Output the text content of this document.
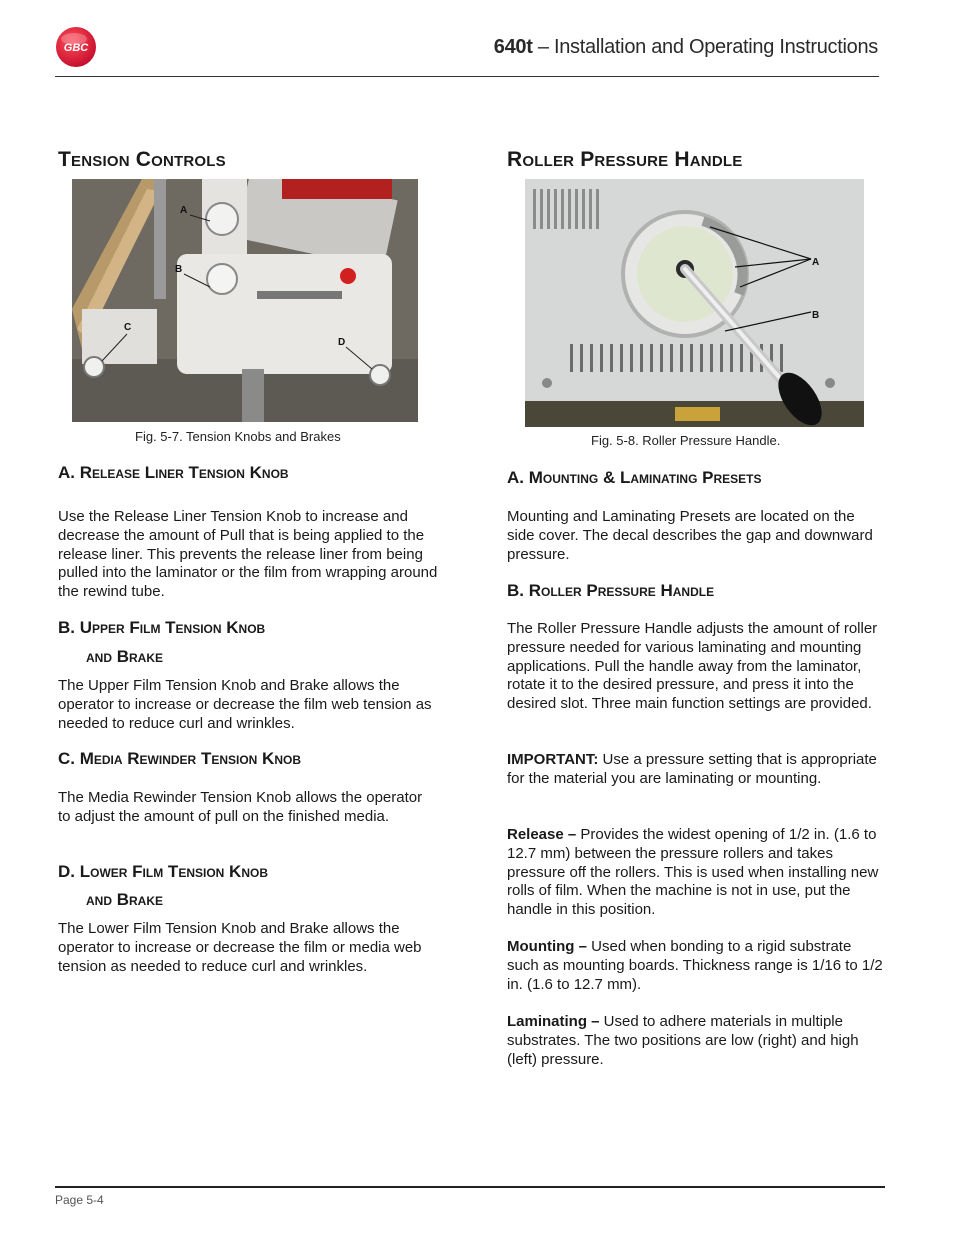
GBC	640t – Installation and Operating Instructions
Tension Controls
A
B
C
D
Fig. 5-7. Tension Knobs and Brakes
A. Release Liner Tension Knob
Use the Release Liner Tension Knob to increase and decrease the amount of Pull that is being applied to the release liner. This prevents the release liner from being pulled into the laminator or the film from wrapping around the rewind tube.
B. Upper Film Tension Knob
and Brake
The Upper Film Tension Knob and Brake allows the operator to increase or decrease the film web tension as needed to reduce curl and wrinkles.
C. Media Rewinder Tension Knob
The Media Rewinder Tension Knob allows the operator to adjust the amount of pull on the finished media.
D. Lower Film Tension Knob
and Brake
The Lower Film Tension Knob and Brake allows the operator to increase or decrease the film or media web tension as needed to reduce curl and wrinkles.
Roller Pressure Handle
A
B
Fig. 5-8. Roller Pressure Handle.
A. Mounting & Laminating Presets
Mounting and Laminating Presets are located on the side cover. The decal describes the gap and downward pressure.
B. Roller Pressure Handle
The Roller Pressure Handle adjusts the amount of roller pressure needed for various laminating and mounting applications. Pull the handle away from the laminator, rotate it to the desired pressure, and press it into the desired slot. Three main function settings are provided.
IMPORTANT: Use a pressure setting that is appropriate for the material you are laminating or mounting.
Release – Provides the widest opening of 1/2 in. (1.6 to 12.7 mm) between the pressure rollers and takes pressure off the rollers. This is used when installing new rolls of film. When the machine is not in use, put the handle in this position.
Mounting – Used when bonding to a rigid substrate such as mounting boards. Thickness range is 1/16 to 1/2 in. (1.6 to 12.7 mm).
Laminating – Used to adhere materials in multiple substrates. The two positions are low (right) and high (left) pressure.
Page 5-4
